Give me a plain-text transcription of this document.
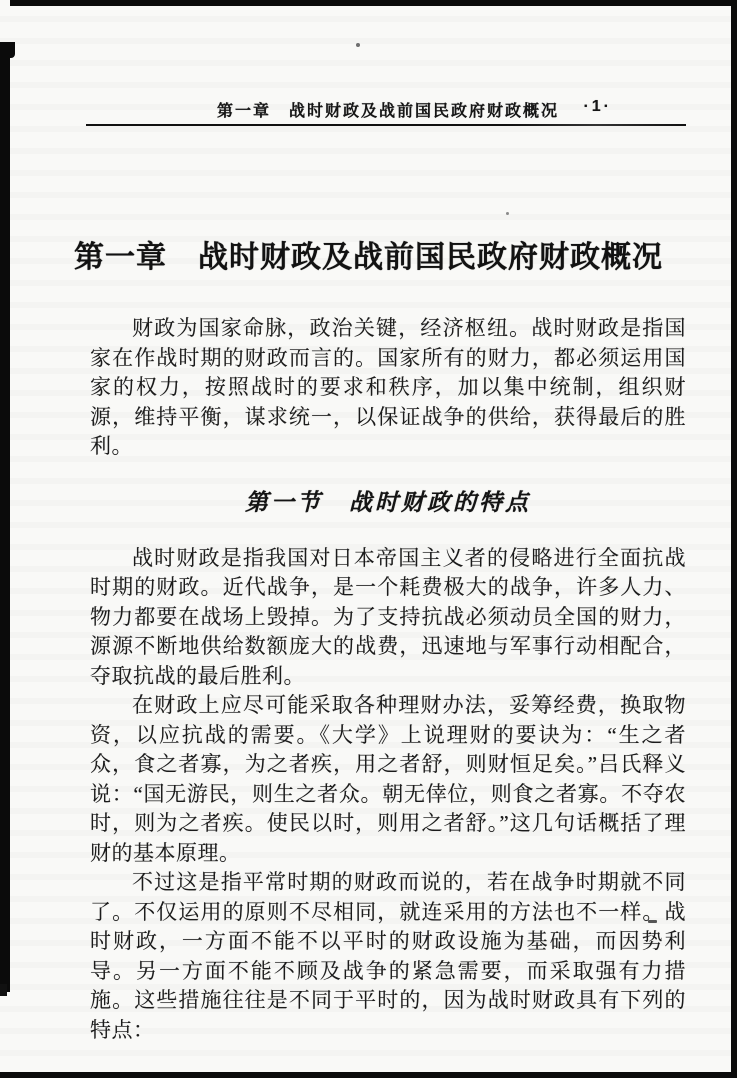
第一章　战时财政及战前国民政府财政概况 ·1·
第一章　战时财政及战前国民政府财政概况

财政为国家命脉，政治关键，经济枢纽。战时财政是指国家在作战时期的财政而言的。国家所有的财力，都必须运用国家的权力，按照战时的要求和秩序，加以集中统制，组织财源，维持平衡，谋求统一，以保证战争的供给，获得最后的胜利。

第一节　战时财政的特点

战时财政是指我国对日本帝国主义者的侵略进行全面抗战时期的财政。近代战争，是一个耗费极大的战争，许多人力、物力都要在战场上毁掉。为了支持抗战必须动员全国的财力，源源不断地供给数额庞大的战费，迅速地与军事行动相配合，夺取抗战的最后胜利。

在财政上应尽可能采取各种理财办法，妥筹经费，换取物资，以应抗战的需要。《大学》上说理财的要诀为：“生之者众，食之者寡，为之者疾，用之者舒，则财恒足矣。”吕氏释义说：“国无游民，则生之者众。朝无倖位，则食之者寡。不夺农时，则为之者疾。使民以时，则用之者舒。”这几句话概括了理财的基本原理。

不过这是指平常时期的财政而说的，若在战争时期就不同了。不仅运用的原则不尽相同，就连采用的方法也不一样。战时财政，一方面不能不以平时的财政设施为基础，而因势利导。另一方面不能不顾及战争的紧急需要，而采取强有力措施。这些措施往往是不同于平时的，因为战时财政具有下列的特点：
